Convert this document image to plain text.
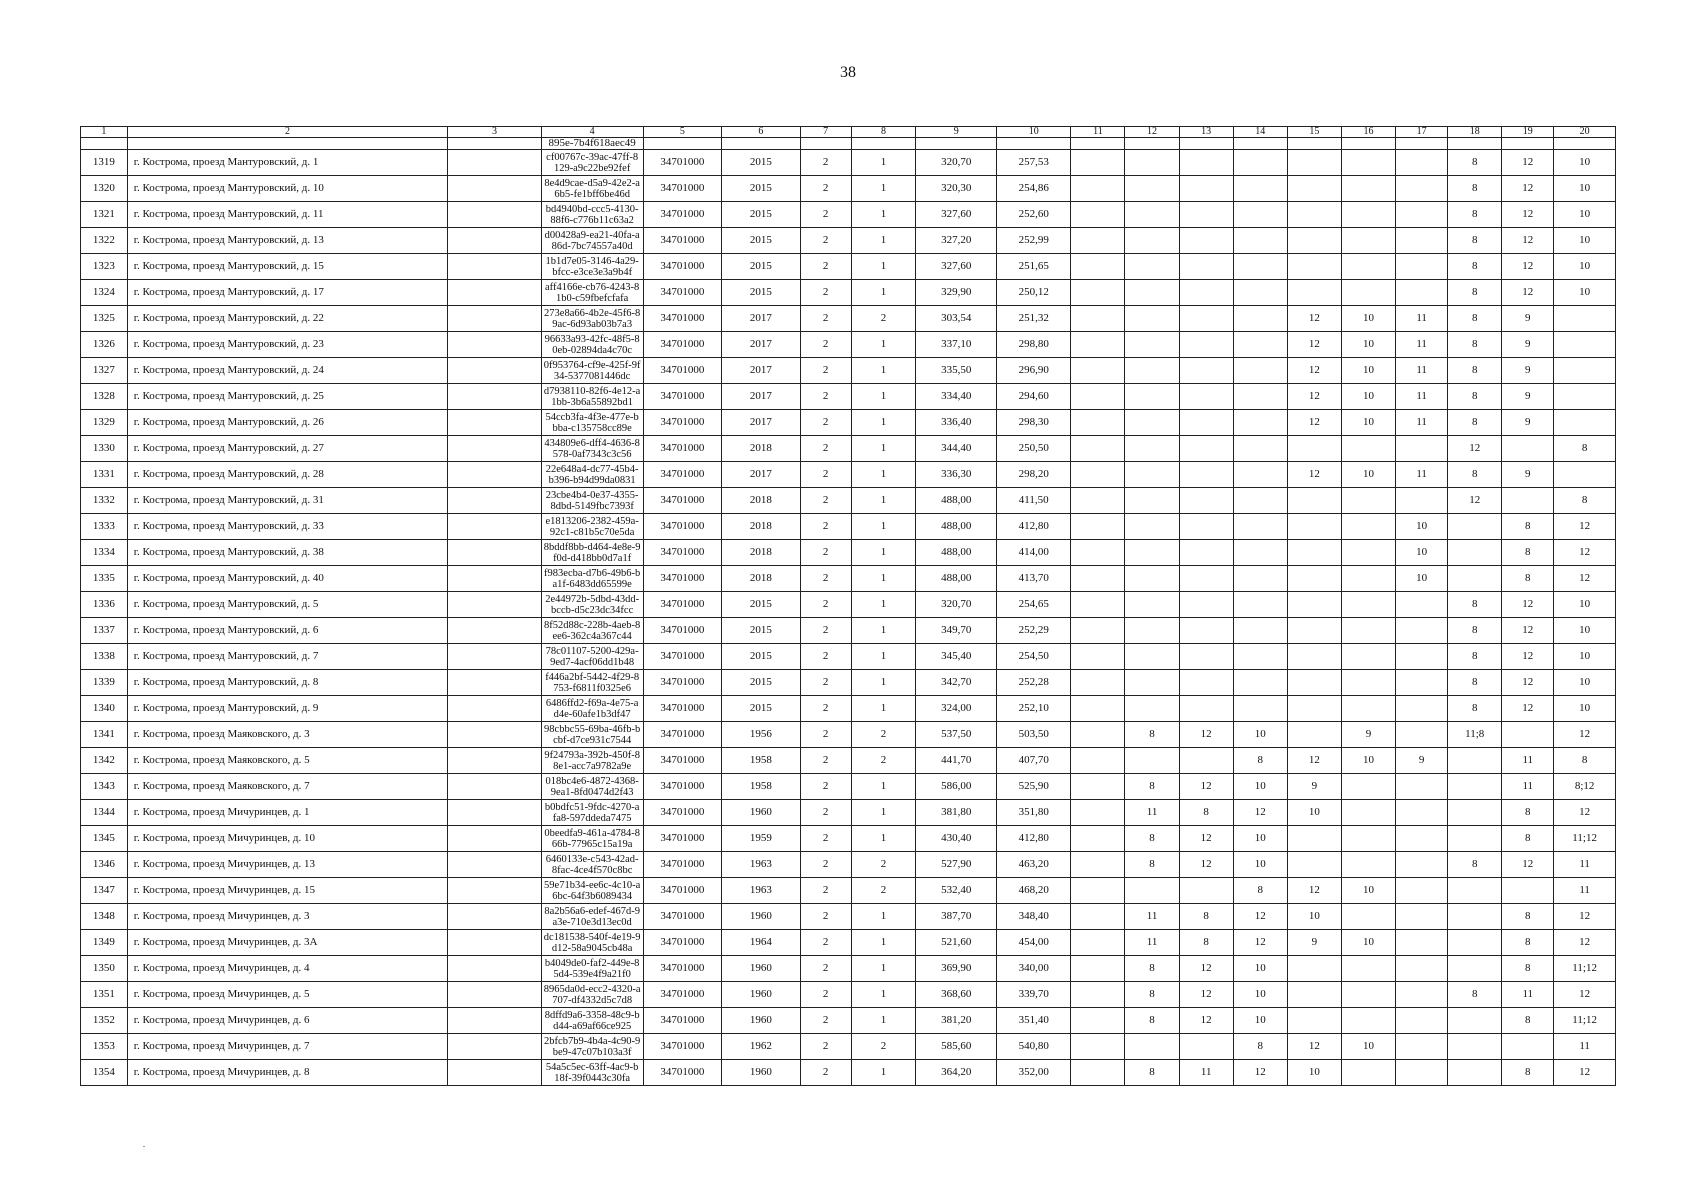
38
1	2	3	4	5	6	7	8	9	10	11	12	13	14	15	16	17	18	19	20
			895e-7b4f618aec49																
1319	г. Кострома, проезд Мантуровский, д. 1		cf00767c-39ac-47ff-8129-a9c22be92fef	34701000	2015	2	1	320,70	257,53								8	12	10
1320	г. Кострома, проезд Мантуровский, д. 10		8e4d9cae-d5a9-42e2-a6b5-fe1bff6be46d	34701000	2015	2	1	320,30	254,86								8	12	10
1321	г. Кострома, проезд Мантуровский, д. 11		bd4940bd-ccc5-4130-88f6-c776b11c63a2	34701000	2015	2	1	327,60	252,60								8	12	10
1322	г. Кострома, проезд Мантуровский, д. 13		d00428a9-ea21-40fa-a86d-7bc74557a40d	34701000	2015	2	1	327,20	252,99								8	12	10
1323	г. Кострома, проезд Мантуровский, д. 15		1b1d7e05-3146-4a29-bfcc-e3ce3e3a9b4f	34701000	2015	2	1	327,60	251,65								8	12	10
1324	г. Кострома, проезд Мантуровский, д. 17		aff4166e-cb76-4243-81b0-c59fbefcfafa	34701000	2015	2	1	329,90	250,12								8	12	10
1325	г. Кострома, проезд Мантуровский, д. 22		273e8a66-4b2e-45f6-89ac-6d93ab03b7a3	34701000	2017	2	2	303,54	251,32					12	10	11	8	9	
1326	г. Кострома, проезд Мантуровский, д. 23		96633a93-42fc-48f5-80eb-02894da4c70c	34701000	2017	2	1	337,10	298,80					12	10	11	8	9	
1327	г. Кострома, проезд Мантуровский, д. 24		0f953764-cf9e-425f-9f34-5377081446dc	34701000	2017	2	1	335,50	296,90					12	10	11	8	9	
1328	г. Кострома, проезд Мантуровский, д. 25		d7938110-82f6-4e12-a1bb-3b6a55892bd1	34701000	2017	2	1	334,40	294,60					12	10	11	8	9	
1329	г. Кострома, проезд Мантуровский, д. 26		54ccb3fa-4f3e-477e-bbba-c135758cc89e	34701000	2017	2	1	336,40	298,30					12	10	11	8	9	
1330	г. Кострома, проезд Мантуровский, д. 27		434809e6-dff4-4636-8578-0af7343c3c56	34701000	2018	2	1	344,40	250,50								12		8
1331	г. Кострома, проезд Мантуровский, д. 28		22e648a4-dc77-45b4-b396-b94d99da0831	34701000	2017	2	1	336,30	298,20					12	10	11	8	9	
1332	г. Кострома, проезд Мантуровский, д. 31		23cbe4b4-0e37-4355-8dbd-5149fbc7393f	34701000	2018	2	1	488,00	411,50								12		8
1333	г. Кострома, проезд Мантуровский, д. 33		e1813206-2382-459a-92c1-c81b5c70e5da	34701000	2018	2	1	488,00	412,80							10		8	12
1334	г. Кострома, проезд Мантуровский, д. 38		8bddf8bb-d464-4e8e-9f0d-d418bb0d7a1f	34701000	2018	2	1	488,00	414,00							10		8	12
1335	г. Кострома, проезд Мантуровский, д. 40		f983ecba-d7b6-49b6-ba1f-6483dd65599e	34701000	2018	2	1	488,00	413,70							10		8	12
1336	г. Кострома, проезд Мантуровский, д. 5		2e44972b-5dbd-43dd-bccb-d5c23dc34fcc	34701000	2015	2	1	320,70	254,65								8	12	10
1337	г. Кострома, проезд Мантуровский, д. 6		8f52d88c-228b-4aeb-8ee6-362c4a367c44	34701000	2015	2	1	349,70	252,29								8	12	10
1338	г. Кострома, проезд Мантуровский, д. 7		78c01107-5200-429a-9ed7-4acf06dd1b48	34701000	2015	2	1	345,40	254,50								8	12	10
1339	г. Кострома, проезд Мантуровский, д. 8		f446a2bf-5442-4f29-8753-f6811f0325e6	34701000	2015	2	1	342,70	252,28								8	12	10
1340	г. Кострома, проезд Мантуровский, д. 9		6486ffd2-f69a-4e75-ad4e-60afe1b3df47	34701000	2015	2	1	324,00	252,10								8	12	10
1341	г. Кострома, проезд Маяковского, д. 3		98cbbc55-69ba-46fb-bcbf-d7ce931c7544	34701000	1956	2	2	537,50	503,50		8	12	10		9		11;8		12
1342	г. Кострома, проезд Маяковского, д. 5		9f24793a-392b-450f-88e1-acc7a9782a9e	34701000	1958	2	2	441,70	407,70				8	12	10	9		11	8
1343	г. Кострома, проезд Маяковского, д. 7		018bc4e6-4872-4368-9ea1-8fd0474d2f43	34701000	1958	2	1	586,00	525,90		8	12	10	9				11	8;12
1344	г. Кострома, проезд Мичуринцев, д. 1		b0bdfc51-9fdc-4270-afa8-597ddeda7475	34701000	1960	2	1	381,80	351,80		11	8	12	10				8	12
1345	г. Кострома, проезд Мичуринцев, д. 10		0beedfa9-461a-4784-866b-77965c15a19a	34701000	1959	2	1	430,40	412,80		8	12	10					8	11;12
1346	г. Кострома, проезд Мичуринцев, д. 13		6460133e-c543-42ad-8fac-4ce4f570c8bc	34701000	1963	2	2	527,90	463,20		8	12	10				8	12	11
1347	г. Кострома, проезд Мичуринцев, д. 15		59e71b34-ee6c-4c10-a6bc-64f3b6089434	34701000	1963	2	2	532,40	468,20				8	12	10				11
1348	г. Кострома, проезд Мичуринцев, д. 3		8a2b56a6-edef-467d-9a3e-710e3d13ec0d	34701000	1960	2	1	387,70	348,40		11	8	12	10				8	12
1349	г. Кострома, проезд Мичуринцев, д. 3А		dc181538-540f-4e19-9d12-58a9045cb48a	34701000	1964	2	1	521,60	454,00		11	8	12	9	10			8	12
1350	г. Кострома, проезд Мичуринцев, д. 4		b4049de0-faf2-449e-85d4-539e4f9a21f0	34701000	1960	2	1	369,90	340,00		8	12	10					8	11;12
1351	г. Кострома, проезд Мичуринцев, д. 5		8965da0d-ecc2-4320-a707-df4332d5c7d8	34701000	1960	2	1	368,60	339,70		8	12	10				8	11	12
1352	г. Кострома, проезд Мичуринцев, д. 6		8dffd9a6-3358-48c9-bd44-a69af66ce925	34701000	1960	2	1	381,20	351,40		8	12	10					8	11;12
1353	г. Кострома, проезд Мичуринцев, д. 7		2bfcb7b9-4b4a-4c90-9be9-47c07b103a3f	34701000	1962	2	2	585,60	540,80				8	12	10				11
1354	г. Кострома, проезд Мичуринцев, д. 8		54a5c5ec-63ff-4ac9-b18f-39f0443c30fa	34701000	1960	2	1	364,20	352,00		8	11	12	10				8	12
